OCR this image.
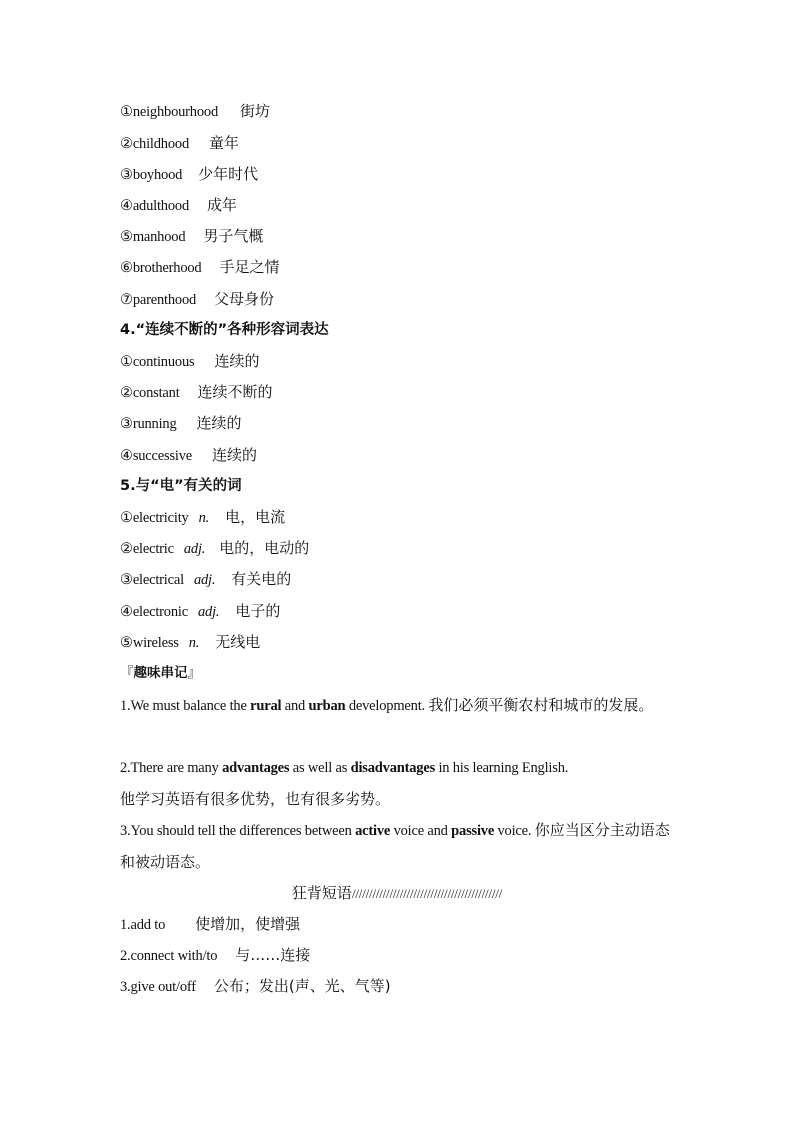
①neighbourhood 街坊
②childhood 童年
③boyhood 少年时代
④adulthood 成年
⑤manhood 男子气概
⑥brotherhood 手足之情
⑦parenthood 父母身份
4.“连续不断的”各种形容词表达
①continuous 连续的
②constant 连续不断的
③running 连续的
④successive 连续的
5.与“电”有关的词
①electricity n. 电，电流
②electric adj. 电的，电动的
③electrical adj. 有关电的
④electronic adj. 电子的
⑤wireless n. 无线电
『趣味串记』
1.We must balance the rural and urban development. 我们必须平衡农村和城市的发展。
2.There are many advantages as well as disadvantages in his learning English.
他学习英语有很多优势，也有很多劣势。
3.You should tell the differences between active voice and passive voice. 你应当区分主动语态和被动语态。
狂背短语////////////////////////////////////////////
1.add to 使增加，使增强
2.connect with/to 与……连接
3.give out/off 公布；发出(声、光、气等)
